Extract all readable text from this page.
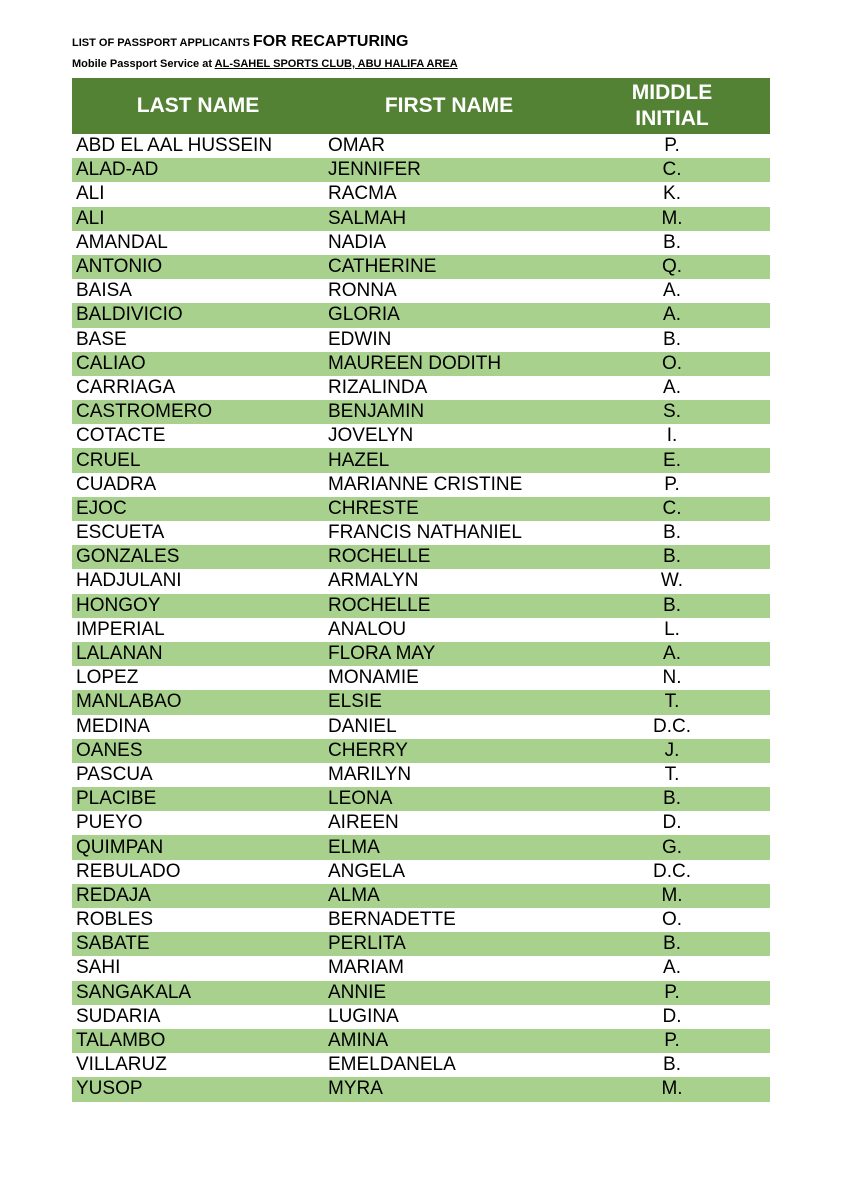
LIST OF PASSPORT APPLICANTS FOR RECAPTURING
Mobile Passport Service at AL-SAHEL SPORTS CLUB, ABU HALIFA AREA
LAST NAME	FIRST NAME	MIDDLE
INITIAL

ABD EL AAL HUSSEIN	OMAR	P.
ALAD-AD	JENNIFER	C.
ALI	RACMA	K.
ALI	SALMAH	M.
AMANDAL	NADIA	B.
ANTONIO	CATHERINE	Q.
BAISA	RONNA	A.
BALDIVICIO	GLORIA	A.
BASE	EDWIN	B.
CALIAO	MAUREEN DODITH	O.
CARRIAGA	RIZALINDA	A.
CASTROMERO	BENJAMIN	S.
COTACTE	JOVELYN	I.
CRUEL	HAZEL	E.
CUADRA	MARIANNE CRISTINE	P.
EJOC	CHRESTE	C.
ESCUETA	FRANCIS NATHANIEL	B.
GONZALES	ROCHELLE	B.
HADJULANI	ARMALYN	W.
HONGOY	ROCHELLE	B.
IMPERIAL	ANALOU	L.
LALANAN	FLORA MAY	A.
LOPEZ	MONAMIE	N.
MANLABAO	ELSIE	T.
MEDINA	DANIEL	D.C.
OANES	CHERRY	J.
PASCUA	MARILYN	T.
PLACIBE	LEONA	B.
PUEYO	AIREEN	D.
QUIMPAN	ELMA	G.
REBULADO	ANGELA	D.C.
REDAJA	ALMA	M.
ROBLES	BERNADETTE	O.
SABATE	PERLITA	B.
SAHI	MARIAM	A.
SANGAKALA	ANNIE	P.
SUDARIA	LUGINA	D.
TALAMBO	AMINA	P.
VILLARUZ	EMELDANELA	B.
YUSOP	MYRA	M.
